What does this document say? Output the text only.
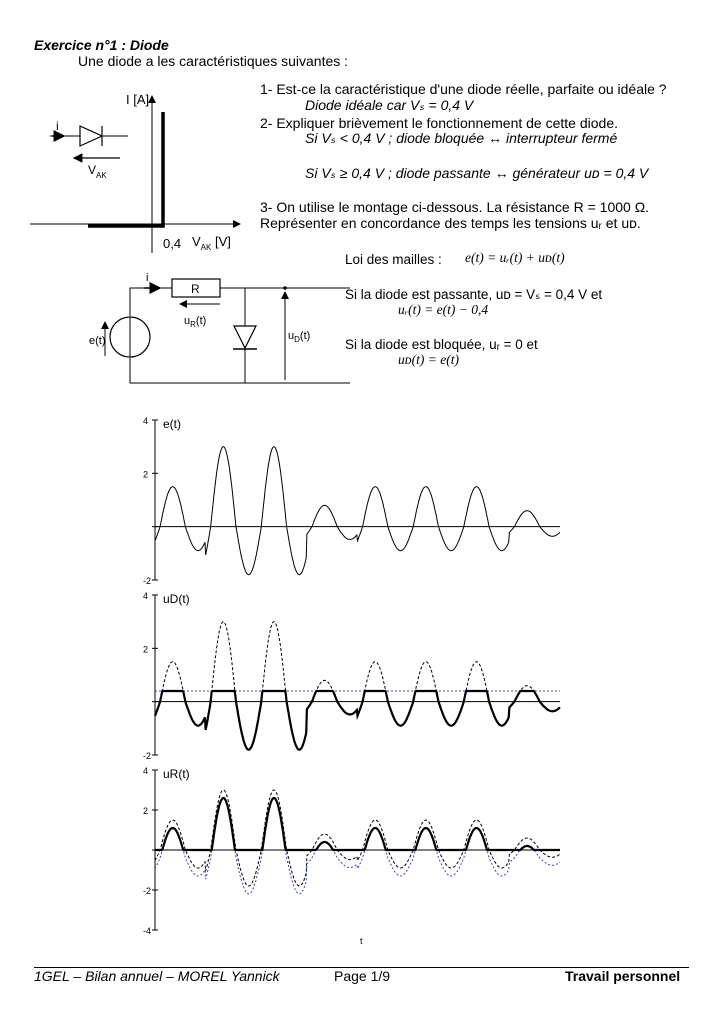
Exercice n°1 : Diode
Une diode a les caractéristiques suivantes :
1- Est-ce la caractéristique d'une diode réelle, parfaite ou idéale ?
Diode idéale car Vₛ = 0,4 V
2- Expliquer brièvement le fonctionnement de cette diode.
Si Vₛ < 0,4 V ; diode bloquée ↔ interrupteur fermé
Si Vₛ ≥ 0,4 V ; diode passante ↔ générateur uᴅ = 0,4 V
3- On utilise le montage ci-dessous. La résistance R = 1000 Ω.
Représenter en concordance des temps les tensions uᵣ et uᴅ.
Loi des mailles : e(t) = uᵣ(t) + uᴅ(t)
Si la diode est passante, uᴅ = Vₛ = 0,4 V et
uᵣ(t) = e(t) − 0,4
Si la diode est bloquée, uᵣ = 0 et
uᴅ(t) = e(t)
i
$V_{AK}$
I [A]
0,4 $V_{AK}$ [V]
R
i
$u_R(t)$
e(t)	$u_D(t)$
4
2
-2
e(t)
4
2
-2
uD(t)
4
2
-2
-4
uR(t)
t
1GEL – Bilan annuel – MOREL Yannick	Page 1/9	Travail personnel
